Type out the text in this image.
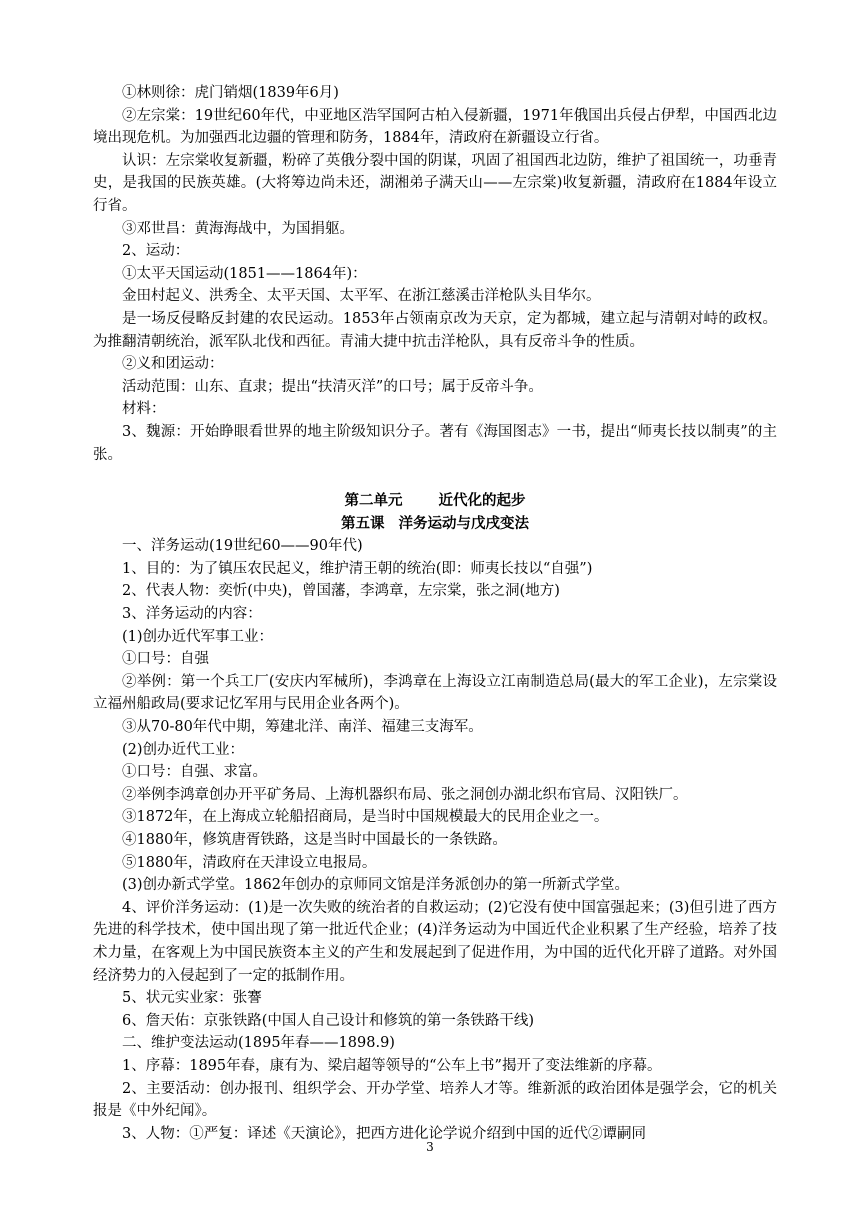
①林则徐：虎门销烟(1839年6月)

②左宗棠：19世纪60年代，中亚地区浩罕国阿古柏入侵新疆，1971年俄国出兵侵占伊犁，中国西北边境出现危机。为加强西北边疆的管理和防务，1884年，清政府在新疆设立行省。

认识：左宗棠收复新疆，粉碎了英俄分裂中国的阴谋，巩固了祖国西北边防，维护了祖国统一，功垂青史，是我国的民族英雄。(大将筹边尚未还，湖湘弟子满天山——左宗棠)收复新疆，清政府在1884年设立行省。

③邓世昌：黄海海战中，为国捐躯。

2、运动：

①太平天国运动(1851——1864年)：

金田村起义、洪秀全、太平天国、太平军、在浙江慈溪击洋枪队头目华尔。

是一场反侵略反封建的农民运动。1853年占领南京改为天京，定为都城，建立起与清朝对峙的政权。为推翻清朝统治，派军队北伐和西征。青浦大捷中抗击洋枪队，具有反帝斗争的性质。

②义和团运动：

活动范围：山东、直隶；提出“扶清灭洋”的口号；属于反帝斗争。

材料：

3、魏源：开始睁眼看世界的地主阶级知识分子。著有《海国图志》一书，提出“师夷长技以制夷”的主张。

第二单元 近代化的起步
第五课 洋务运动与戊戌变法

一、洋务运动(19世纪60——90年代)

1、目的：为了镇压农民起义，维护清王朝的统治(即：师夷长技以“自强”)

2、代表人物：奕忻(中央)，曾国藩，李鸿章，左宗棠，张之洞(地方)

3、洋务运动的内容：

(1)创办近代军事工业：

①口号：自强

②举例：第一个兵工厂(安庆内军械所)，李鸿章在上海设立江南制造总局(最大的军工企业)，左宗棠设立福州船政局(要求记忆军用与民用企业各两个)。

③从70-80年代中期，筹建北洋、南洋、福建三支海军。

(2)创办近代工业：

①口号：自强、求富。

②举例李鸿章创办开平矿务局、上海机器织布局、张之洞创办湖北织布官局、汉阳铁厂。

③1872年，在上海成立轮船招商局，是当时中国规模最大的民用企业之一。

④1880年，修筑唐胥铁路，这是当时中国最长的一条铁路。

⑤1880年，清政府在天津设立电报局。

(3)创办新式学堂。1862年创办的京师同文馆是洋务派创办的第一所新式学堂。

4、评价洋务运动：(1)是一次失败的统治者的自救运动；(2)它没有使中国富强起来；(3)但引进了西方先进的科学技术，使中国出现了第一批近代企业；(4)洋务运动为中国近代企业积累了生产经验，培养了技术力量，在客观上为中国民族资本主义的产生和发展起到了促进作用，为中国的近代化开辟了道路。对外国经济势力的入侵起到了一定的抵制作用。

5、状元实业家：张謇

6、詹天佑：京张铁路(中国人自己设计和修筑的第一条铁路干线)

二、维护变法运动(1895年春——1898.9)

1、序幕：1895年春，康有为、梁启超等领导的“公车上书”揭开了变法维新的序幕。

2、主要活动：创办报刊、组织学会、开办学堂、培养人才等。维新派的政治团体是强学会，它的机关报是《中外纪闻》。

3、人物：①严复：译述《天演论》，把西方进化论学说介绍到中国的近代②谭嗣同

3
